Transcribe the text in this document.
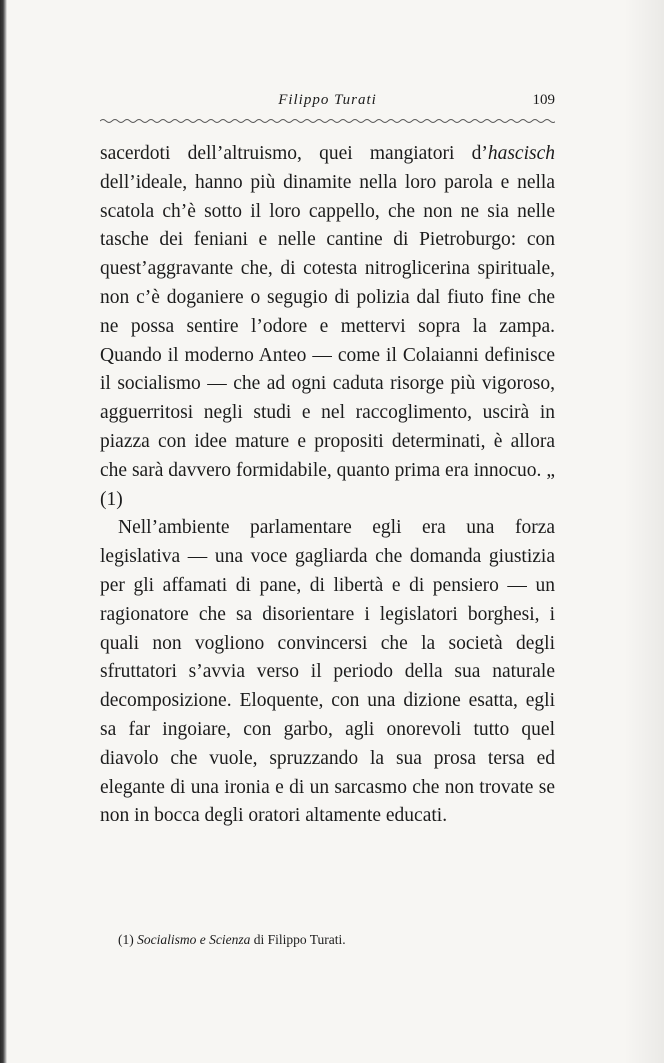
Filippo Turati	109

sacerdoti dell’altruismo, quei mangiatori d’hascisch dell’ideale, hanno più dinamite nella loro parola e nella scatola ch’è sotto il loro cappello, che non ne sia nelle tasche dei feniani e nelle cantine di Pietroburgo: con quest’aggravante che, di cotesta nitroglicerina spirituale, non c’è doganiere o segugio di polizia dal fiuto fine che ne possa sentire l’odore e mettervi sopra la zampa. Quando il moderno Anteo — come il Colaianni definisce il socialismo — che ad ogni caduta risorge più vigoroso, agguerritosi negli studi e nel raccoglimento, uscirà in piazza con idee mature e propositi determinati, è allora che sarà davvero formidabile, quanto prima era innocuo. „ (1)

Nell’ambiente parlamentare egli era una forza legislativa — una voce gagliarda che domanda giustizia per gli affamati di pane, di libertà e di pensiero — un ragionatore che sa disorientare i legislatori borghesi, i quali non vogliono convincersi che la società degli sfruttatori s’avvia verso il periodo della sua naturale decomposizione. Eloquente, con una dizione esatta, egli sa far ingoiare, con garbo, agli onorevoli tutto quel diavolo che vuole, spruzzando la sua prosa tersa ed elegante di una ironia e di un sarcasmo che non trovate se non in bocca degli oratori altamente educati.

(1) Socialismo e Scienza di Filippo Turati.
